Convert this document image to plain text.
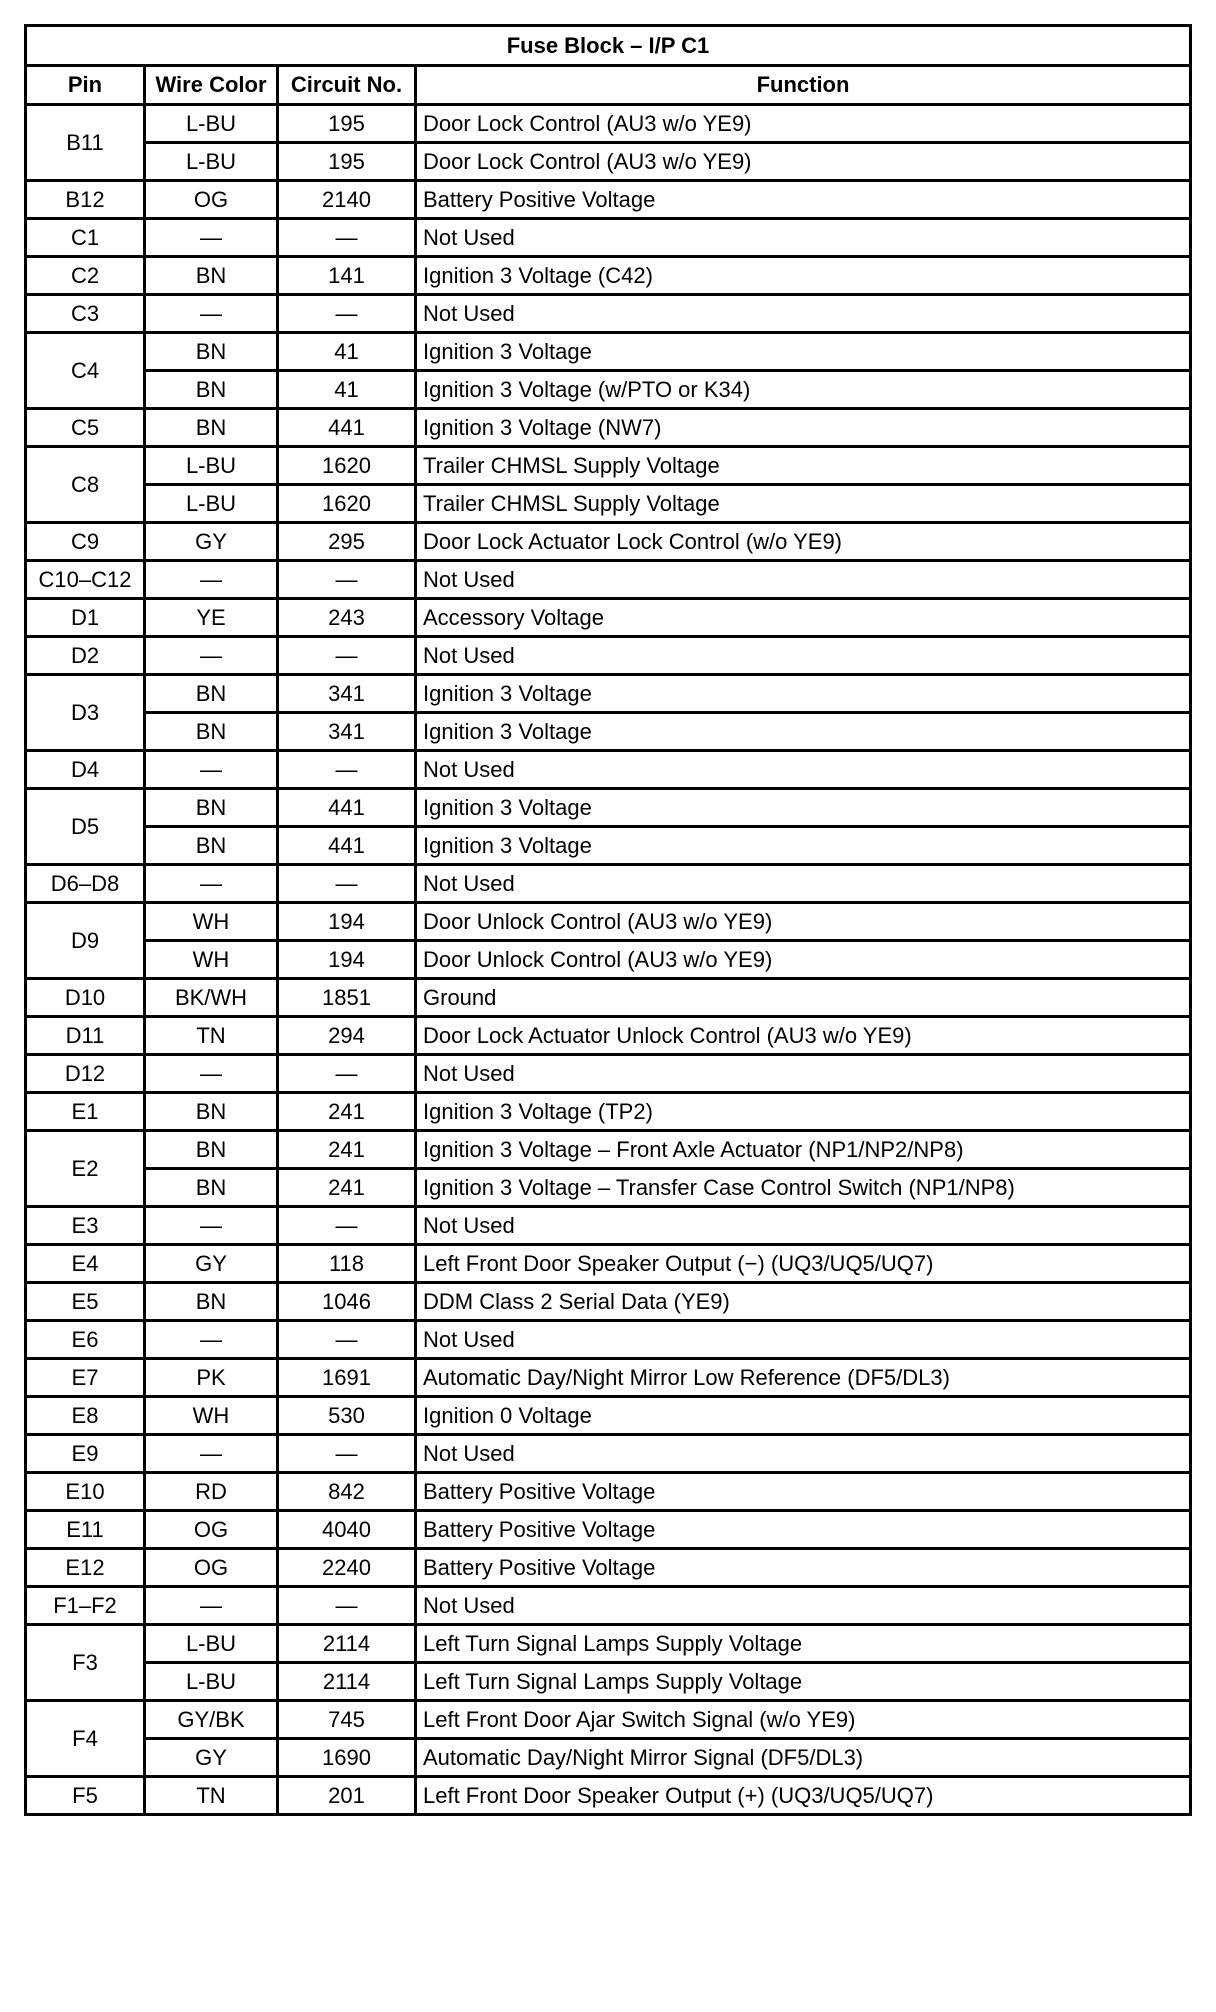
Fuse Block – I/P C1			
Pin	Wire Color	Circuit No.	Function
B11	L-BU	195	Door Lock Control (AU3 w/o YE9)
	L-BU	195	Door Lock Control (AU3 w/o YE9)
B12	OG	2140	Battery Positive Voltage
C1	—	—	Not Used
C2	BN	141	Ignition 3 Voltage (C42)
C3	—	—	Not Used
C4	BN	41	Ignition 3 Voltage
	BN	41	Ignition 3 Voltage (w/PTO or K34)
C5	BN	441	Ignition 3 Voltage (NW7)
C8	L-BU	1620	Trailer CHMSL Supply Voltage
	L-BU	1620	Trailer CHMSL Supply Voltage
C9	GY	295	Door Lock Actuator Lock Control (w/o YE9)
C10–C12	—	—	Not Used
D1	YE	243	Accessory Voltage
D2	—	—	Not Used
D3	BN	341	Ignition 3 Voltage
	BN	341	Ignition 3 Voltage
D4	—	—	Not Used
D5	BN	441	Ignition 3 Voltage
	BN	441	Ignition 3 Voltage
D6–D8	—	—	Not Used
D9	WH	194	Door Unlock Control (AU3 w/o YE9)
	WH	194	Door Unlock Control (AU3 w/o YE9)
D10	BK/WH	1851	Ground
D11	TN	294	Door Lock Actuator Unlock Control (AU3 w/o YE9)
D12	—	—	Not Used
E1	BN	241	Ignition 3 Voltage (TP2)
E2	BN	241	Ignition 3 Voltage – Front Axle Actuator (NP1/NP2/NP8)
	BN	241	Ignition 3 Voltage – Transfer Case Control Switch (NP1/NP8)
E3	—	—	Not Used
E4	GY	118	Left Front Door Speaker Output (−) (UQ3/UQ5/UQ7)
E5	BN	1046	DDM Class 2 Serial Data (YE9)
E6	—	—	Not Used
E7	PK	1691	Automatic Day/Night Mirror Low Reference (DF5/DL3)
E8	WH	530	Ignition 0 Voltage
E9	—	—	Not Used
E10	RD	842	Battery Positive Voltage
E11	OG	4040	Battery Positive Voltage
E12	OG	2240	Battery Positive Voltage
F1–F2	—	—	Not Used
F3	L-BU	2114	Left Turn Signal Lamps Supply Voltage
	L-BU	2114	Left Turn Signal Lamps Supply Voltage
F4	GY/BK	745	Left Front Door Ajar Switch Signal (w/o YE9)
	GY	1690	Automatic Day/Night Mirror Signal (DF5/DL3)
F5	TN	201	Left Front Door Speaker Output (+) (UQ3/UQ5/UQ7)
